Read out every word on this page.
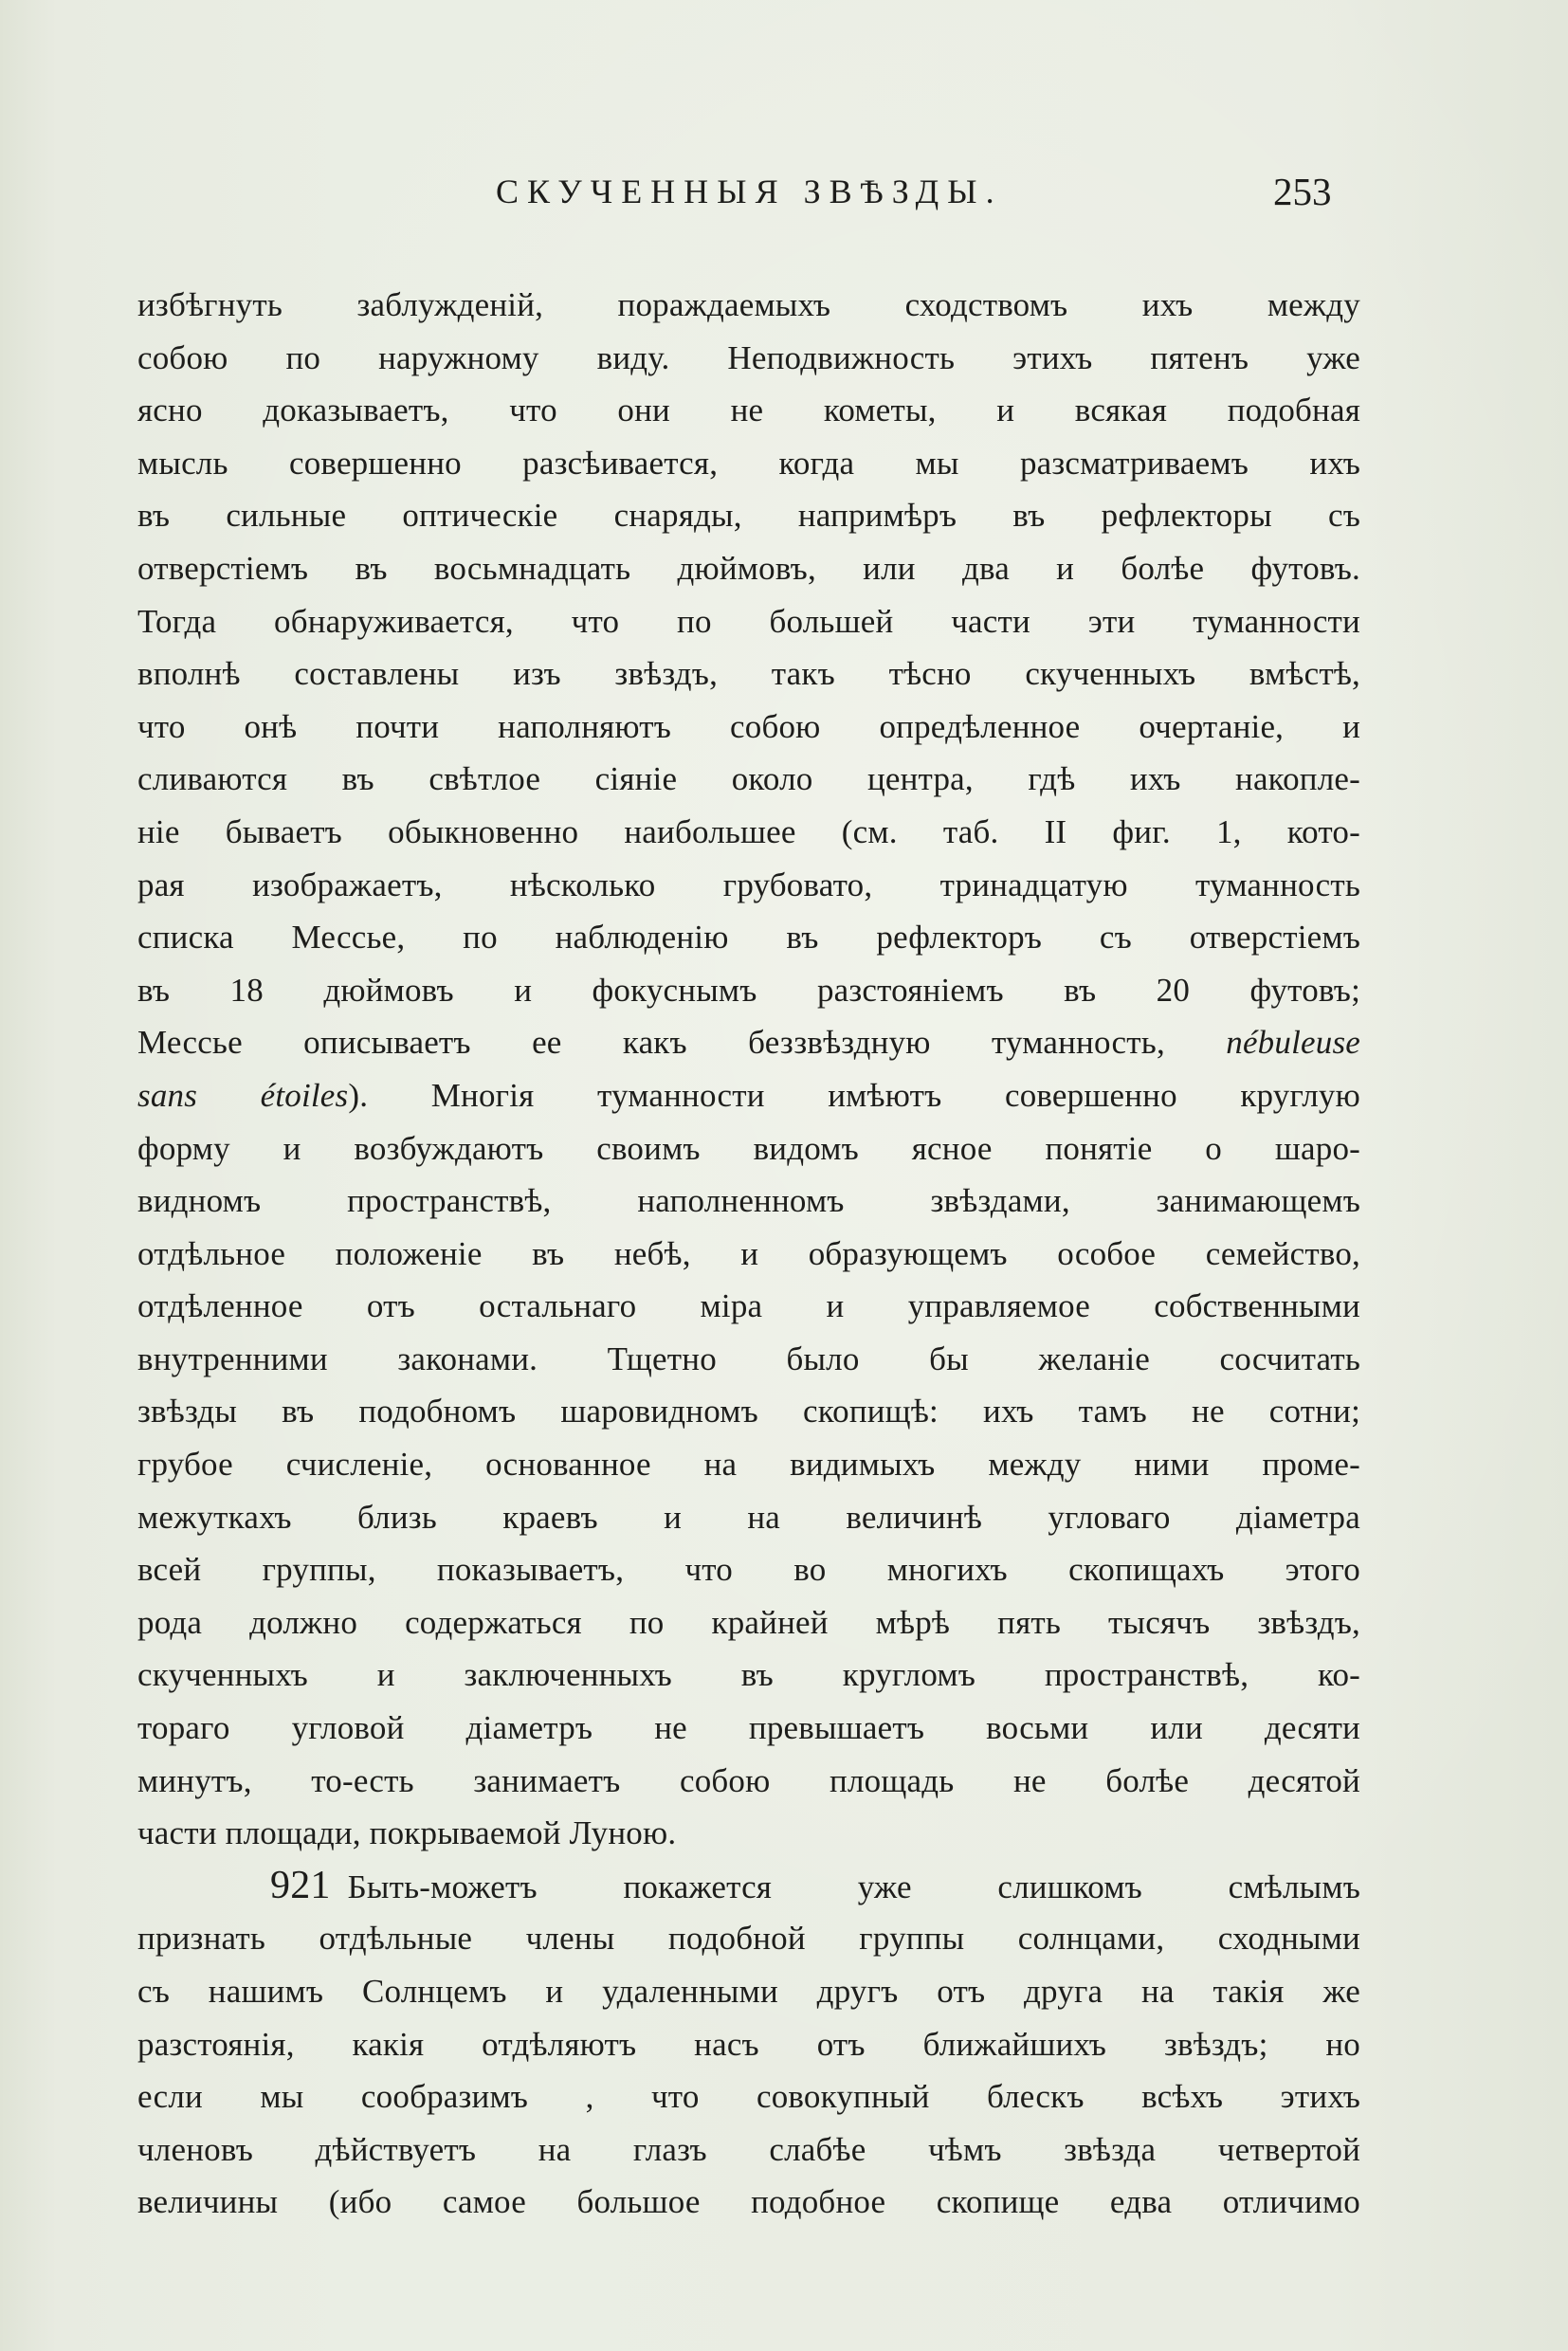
СКУЧЕННЫЯ ЗВѢЗДЫ.	253
избѣгнуть заблужденій, пораждаемыхъ сходствомъ ихъ между
собою по наружному виду. Неподвижность этихъ пятенъ уже
ясно доказываетъ, что они не кометы, и всякая подобная
мысль совершенно разсѣивается, когда мы разсматриваемъ ихъ
въ сильные оптическіе снаряды, напримѣръ въ рефлекторы съ
отверстіемъ въ восьмнадцать дюймовъ, или два и болѣе футовъ.
Тогда обнаруживается, что по большей части эти туманности
вполнѣ составлены изъ звѣздъ, такъ тѣсно скученныхъ вмѣстѣ,
что онѣ почти наполняютъ собою опредѣленное очертаніе, и
сливаются въ свѣтлое сіяніе около центра, гдѣ ихъ накопле-
ніе бываетъ обыкновенно наибольшее (см. таб. II фиг. 1, кото-
рая изображаетъ, нѣсколько грубовато, тринадцатую туманность
списка Мессье, по наблюденію въ рефлекторъ съ отверстіемъ
въ 18 дюймовъ и фокуснымъ разстояніемъ въ 20 футовъ;
Мессье описываетъ ее какъ беззвѣздную туманность, nébuleuse
sans étoiles). Многія туманности имѣютъ совершенно круглую
форму и возбуждаютъ своимъ видомъ ясное понятіе о шаро-
видномъ пространствѣ, наполненномъ звѣздами, занимающемъ
отдѣльное положеніе въ небѣ, и образующемъ особое семейство,
отдѣленное отъ остальнаго міра и управляемое собственными
внутренними законами. Тщетно было бы желаніе сосчитать
звѣзды въ подобномъ шаровидномъ скопищѣ: ихъ тамъ не сотни;
грубое счисленіе, основанное на видимыхъ между ними проме-
межуткахъ близь краевъ и на величинѣ угловаго діаметра
всей группы, показываетъ, что во многихъ скопищахъ этого
рода должно содержаться по крайней мѣрѣ пять тысячъ звѣздъ,
скученныхъ и заключенныхъ въ кругломъ пространствѣ, ко-
тораго угловой діаметръ не превышаетъ восьми или десяти
минутъ, то-есть занимаетъ собою площадь не болѣе десятой
части площади, покрываемой Луною.
921 Быть-можетъ покажется уже слишкомъ смѣлымъ
признать отдѣльные члены подобной группы солнцами, сходными
съ нашимъ Солнцемъ и удаленными другъ отъ друга на такія же
разстоянія, какія отдѣляютъ насъ отъ ближайшихъ звѣздъ; но
если мы сообразимъ , что совокупный блескъ всѣхъ этихъ
членовъ дѣйствуетъ на глазъ слабѣе чѣмъ звѣзда четвертой
величины (ибо самое большое подобное скопище едва отличимо
